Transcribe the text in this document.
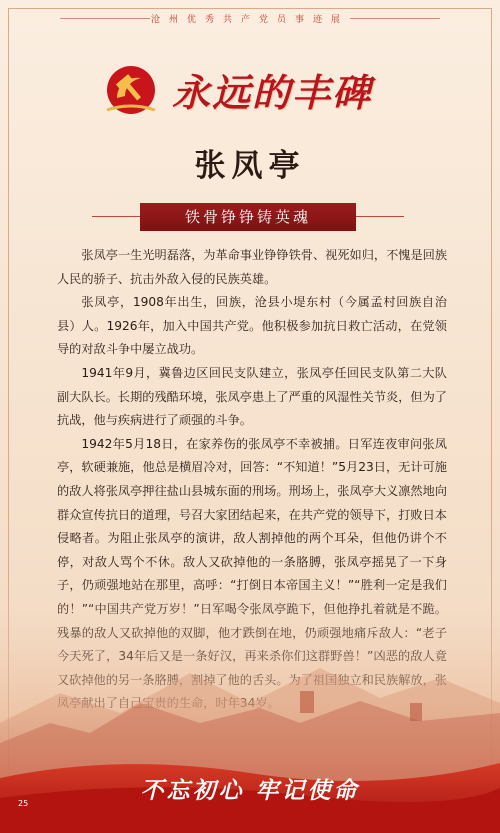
沧州优秀共产党员事迹展
永远的丰碑
张凤亭
铁骨铮铮铸英魂

张凤亭一生光明磊落，为革命事业铮铮铁骨、视死如归，不愧是回族人民的骄子、抗击外敌入侵的民族英雄。

张凤亭，1908年出生，回族，沧县小堤东村（今属孟村回族自治县）人。1926年，加入中国共产党。他积极参加抗日救亡活动，在党领导的对敌斗争中屡立战功。

1941年9月，冀鲁边区回民支队建立，张凤亭任回民支队第二大队副大队长。长期的残酷环境，张凤亭患上了严重的风湿性关节炎，但为了抗战，他与疾病进行了顽强的斗争。

1942年5月18日，在家养伤的张凤亭不幸被捕。日军连夜审问张凤亭，软硬兼施，他总是横眉冷对，回答：“不知道！”5月23日，无计可施的敌人将张凤亭押往盐山县城东面的刑场。刑场上，张凤亭大义凛然地向群众宣传抗日的道理，号召大家团结起来，在共产党的领导下，打败日本侵略者。为阻止张凤亭的演讲，敌人割掉他的两个耳朵，但他仍讲个不停，对敌人骂个不休。敌人又砍掉他的一条胳膊，张凤亭摇晃了一下身

不忘初心 牢记使命
25
